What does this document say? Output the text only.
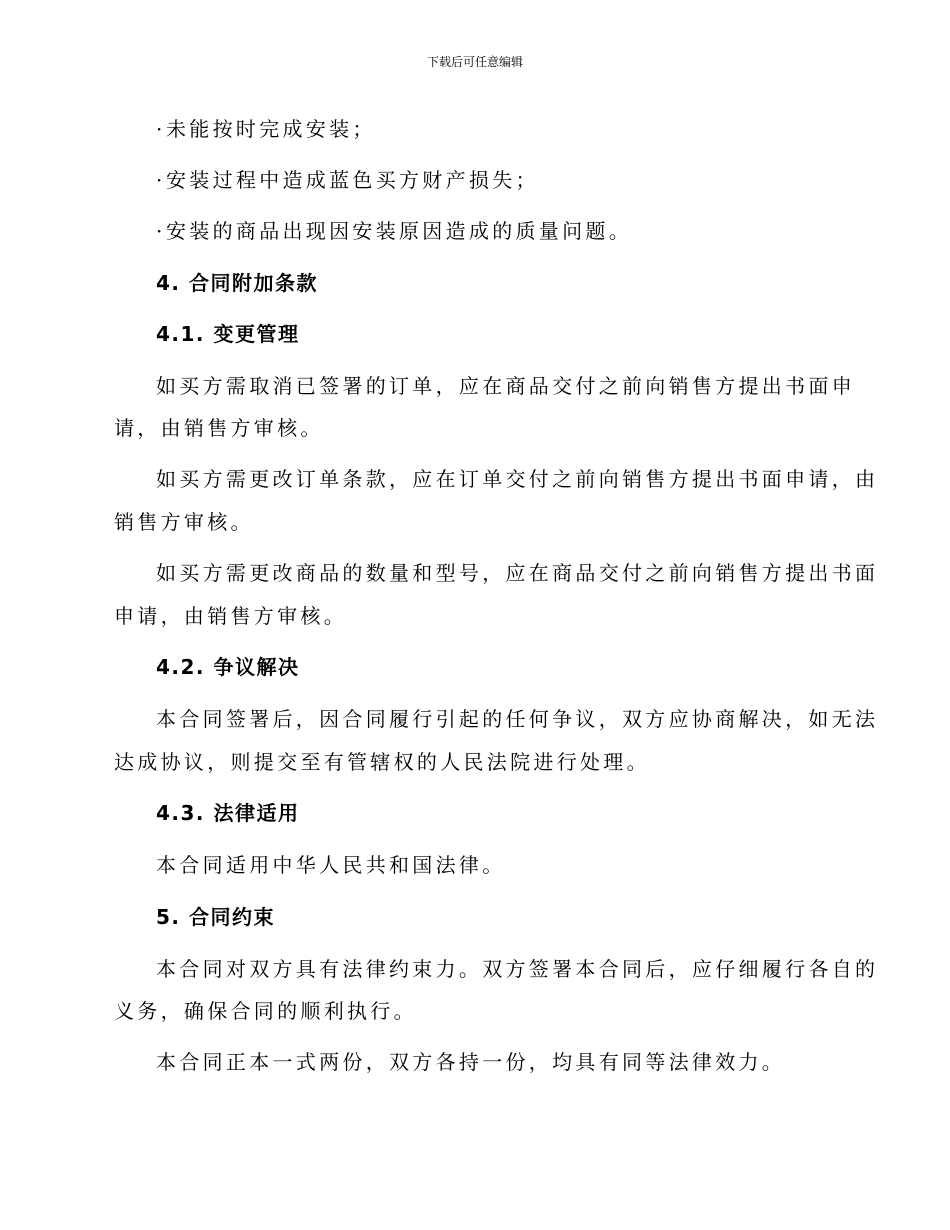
下载后可任意编辑
· 未能按时完成安装；
· 安装过程中造成蓝色买方财产损失；
· 安装的商品出现因安装原因造成的质量问题。
4. 合同附加条款
4.1. 变更管理
如买方需取消已签署的订单，应在商品交付之前向销售方提出书面申
请，由销售方审核。
如买方需更改订单条款，应在订单交付之前向销售方提出书面申请，由
销售方审核。
如买方需更改商品的数量和型号，应在商品交付之前向销售方提出书面
申请，由销售方审核。
4.2. 争议解决
本合同签署后，因合同履行引起的任何争议，双方应协商解决，如无法
达成协议，则提交至有管辖权的人民法院进行处理。
4.3. 法律适用
本合同适用中华人民共和国法律。
5. 合同约束
本合同对双方具有法律约束力。双方签署本合同后，应仔细履行各自的
义务，确保合同的顺利执行。
本合同正本一式两份，双方各持一份，均具有同等法律效力。
